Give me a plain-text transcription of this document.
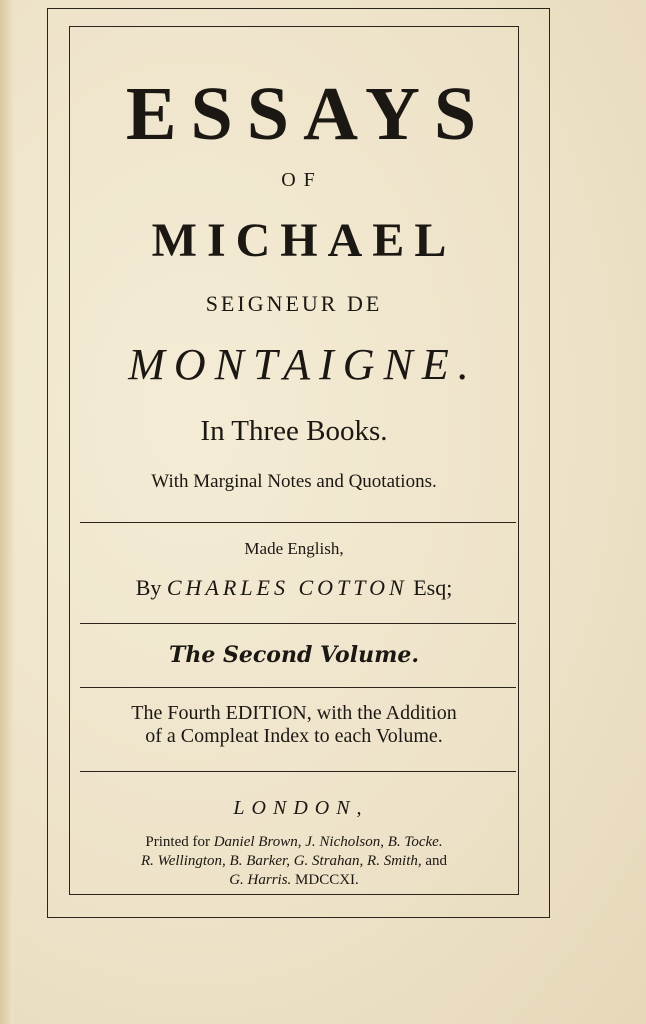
ESSAYS
OF
MICHAEL
SEIGNEUR DE
MONTAIGNE.
In Three Books.
With Marginal Notes and Quotations.
Made English,
By CHARLES COTTON Esq;
The Second Volume.
The Fourth EDITION, with the Addition
of a Compleat Index to each Volume.
LONDON,
Printed for Daniel Brown, J. Nicholson, B. Tocke.
R. Wellington, B. Barker, G. Strahan, R. Smith, and
G. Harris. MDCCXI.
